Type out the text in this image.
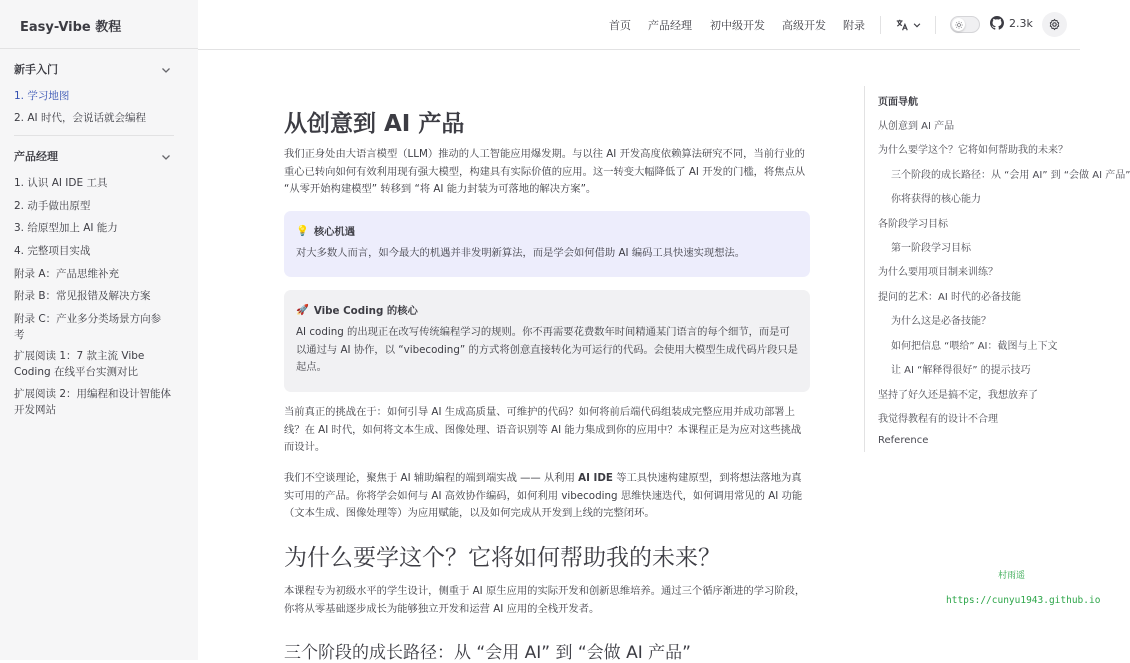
Easy-Vibe 教程
新手入门
1. 学习地图
2. AI 时代，会说话就会编程
产品经理
1. 认识 AI IDE 工具
2. 动手做出原型
3. 给原型加上 AI 能力
4. 完整项目实战
附录 A：产品思维补充
附录 B：常见报错及解决方案
附录 C：产业多分类场景方向参考
扩展阅读 1：7 款主流 Vibe Coding 在线平台实测对比
扩展阅读 2：用编程和设计智能体开发网站
首页 产品经理 初中级开发 高级开发 附录	2.3k
从创意到 AI 产品

我们正身处由大语言模型（LLM）推动的人工智能应用爆发期。与以往 AI 开发高度依赖算法研究不同，当前行业的重心已转向如何有效利用现有强大模型，构建具有实际价值的应用。这一转变大幅降低了 AI 开发的门槛，将焦点从 “从零开始构建模型” 转移到 “将 AI 能力封装为可落地的解决方案”。

💡 核心机遇
对大多数人而言，如今最大的机遇并非发明新算法，而是学会如何借助 AI 编码工具快速实现想法。
🚀 Vibe Coding 的核心
AI coding 的出现正在改写传统编程学习的规则。你不再需要花费数年时间精通某门语言的每个细节，而是可以通过与 AI 协作，以 “vibecoding” 的方式将创意直接转化为可运行的代码。会使用大模型生成代码片段只是起点。

当前真正的挑战在于：如何引导 AI 生成高质量、可维护的代码？如何将前后端代码组装成完整应用并成功部署上线？在 AI 时代，如何将文本生成、图像处理、语音识别等 AI 能力集成到你的应用中？本课程正是为应对这些挑战而设计。

我们不空谈理论，聚焦于 AI 辅助编程的端到端实战 —— 从利用 AI IDE 等工具快速构建原型，到将想法落地为真实可用的产品。你将学会如何与 AI 高效协作编码，如何利用 vibecoding 思维快速迭代，如何调用常见的 AI 功能（文本生成、图像处理等）为应用赋能，以及如何完成从开发到上线的完整闭环。

为什么要学这个？它将如何帮助我的未来？

本课程专为初级水平的学生设计，侧重于 AI 原生应用的实际开发和创新思维培养。通过三个循序渐进的学习阶段，你将从零基础逐步成长为能够独立开发和运营 AI 应用的全栈开发者。

三个阶段的成长路径：从 “会用 AI” 到 “会做 AI 产品”
页面导航
从创意到 AI 产品
为什么要学这个？它将如何帮助我的未来？
三个阶段的成长路径：从 “会用 AI” 到 “会做 AI 产品”
你将获得的核心能力
各阶段学习目标
第一阶段学习目标
为什么要用项目制来训练？
提问的艺术：AI 时代的必备技能
为什么这是必备技能？
如何把信息 “喂给” AI：截图与上下文
让 AI “解释得很好” 的提示技巧
坚持了好久还是搞不定，我想放弃了
我觉得教程有的设计不合理
Reference
村雨遥
https://cunyu1943.github.io
